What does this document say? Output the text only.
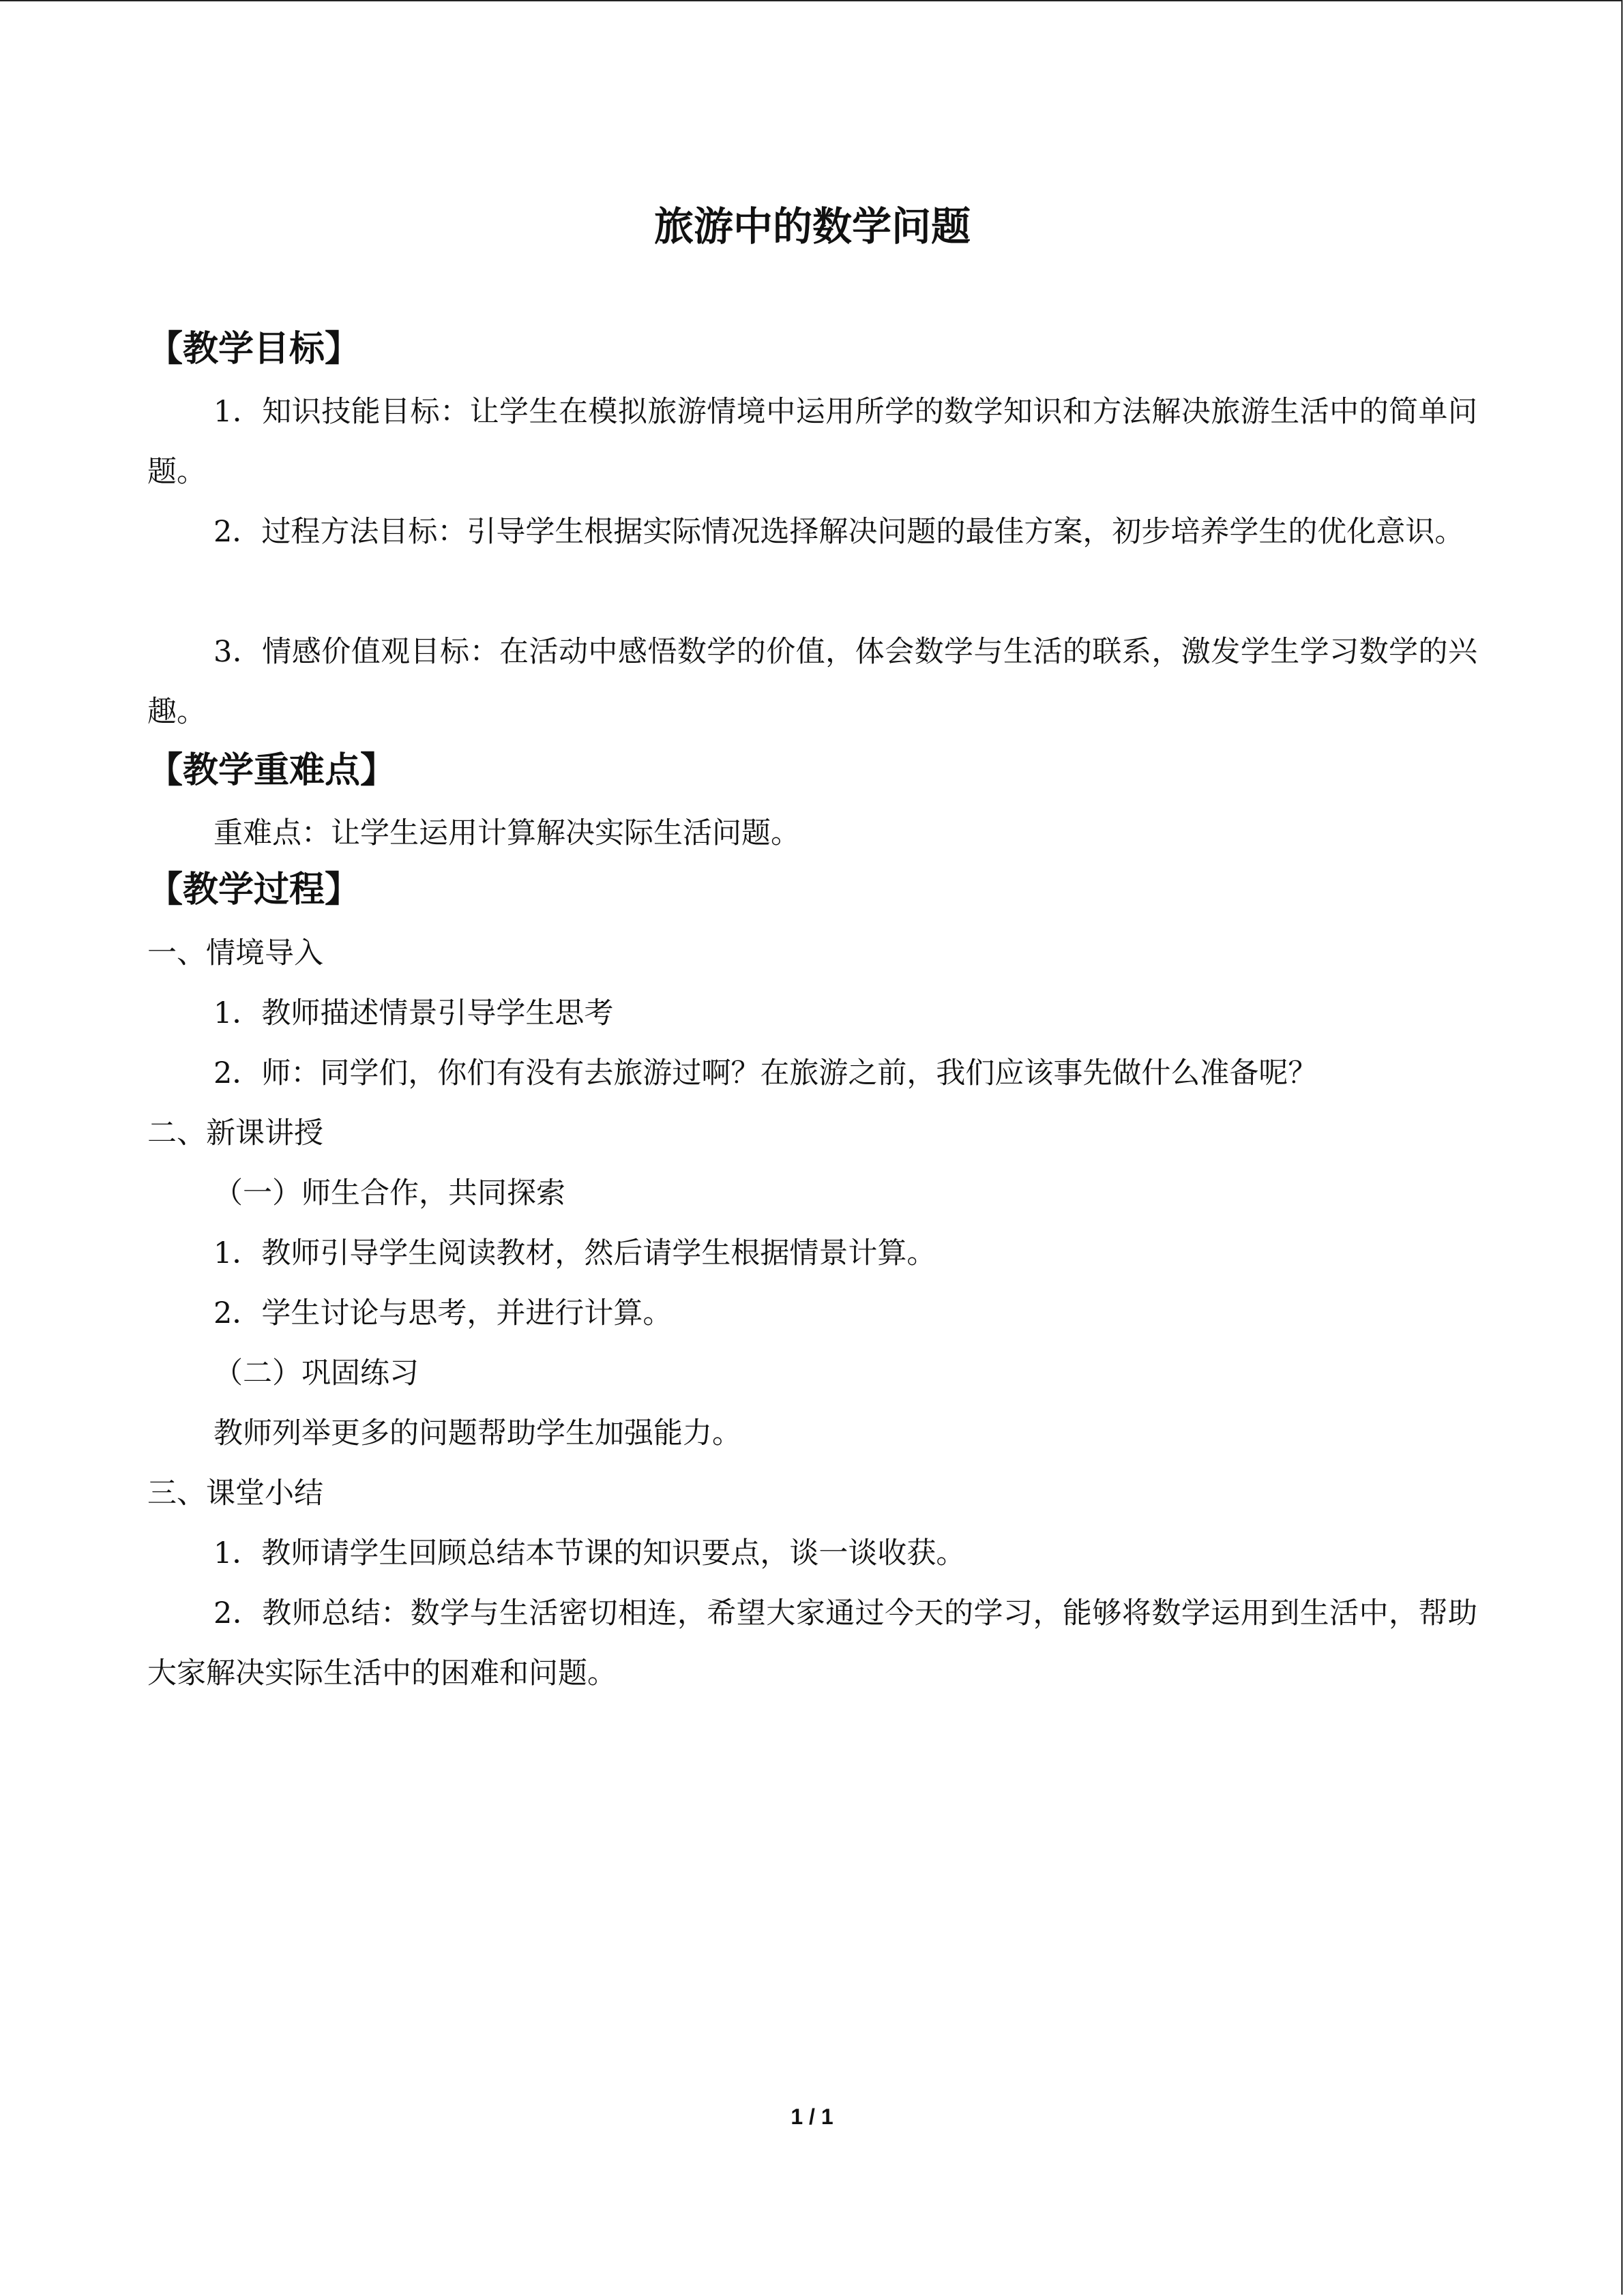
旅游中的数学问题
【教学目标】

1．知识技能目标：让学生在模拟旅游情境中运用所学的数学知识和方法解决旅游生活中的简单问题。

2．过程方法目标：引导学生根据实际情况选择解决问题的最佳方案，初步培养学生的优化意识。

3．情感价值观目标：在活动中感悟数学的价值，体会数学与生活的联系，激发学生学习数学的兴趣。

【教学重难点】

重难点：让学生运用计算解决实际生活问题。

【教学过程】

一、情境导入

1．教师描述情景引导学生思考

2．师：同学们，你们有没有去旅游过啊？在旅游之前，我们应该事先做什么准备呢？

二、新课讲授

（一）师生合作，共同探索

1．教师引导学生阅读教材，然后请学生根据情景计算。

2．学生讨论与思考，并进行计算。

（二）巩固练习

教师列举更多的问题帮助学生加强能力。

三、课堂小结

1．教师请学生回顾总结本节课的知识要点，谈一谈收获。

2．教师总结：数学与生活密切相连，希望大家通过今天的学习，能够将数学运用到生活中，帮助大家解决实际生活中的困难和问题。

1 / 1
